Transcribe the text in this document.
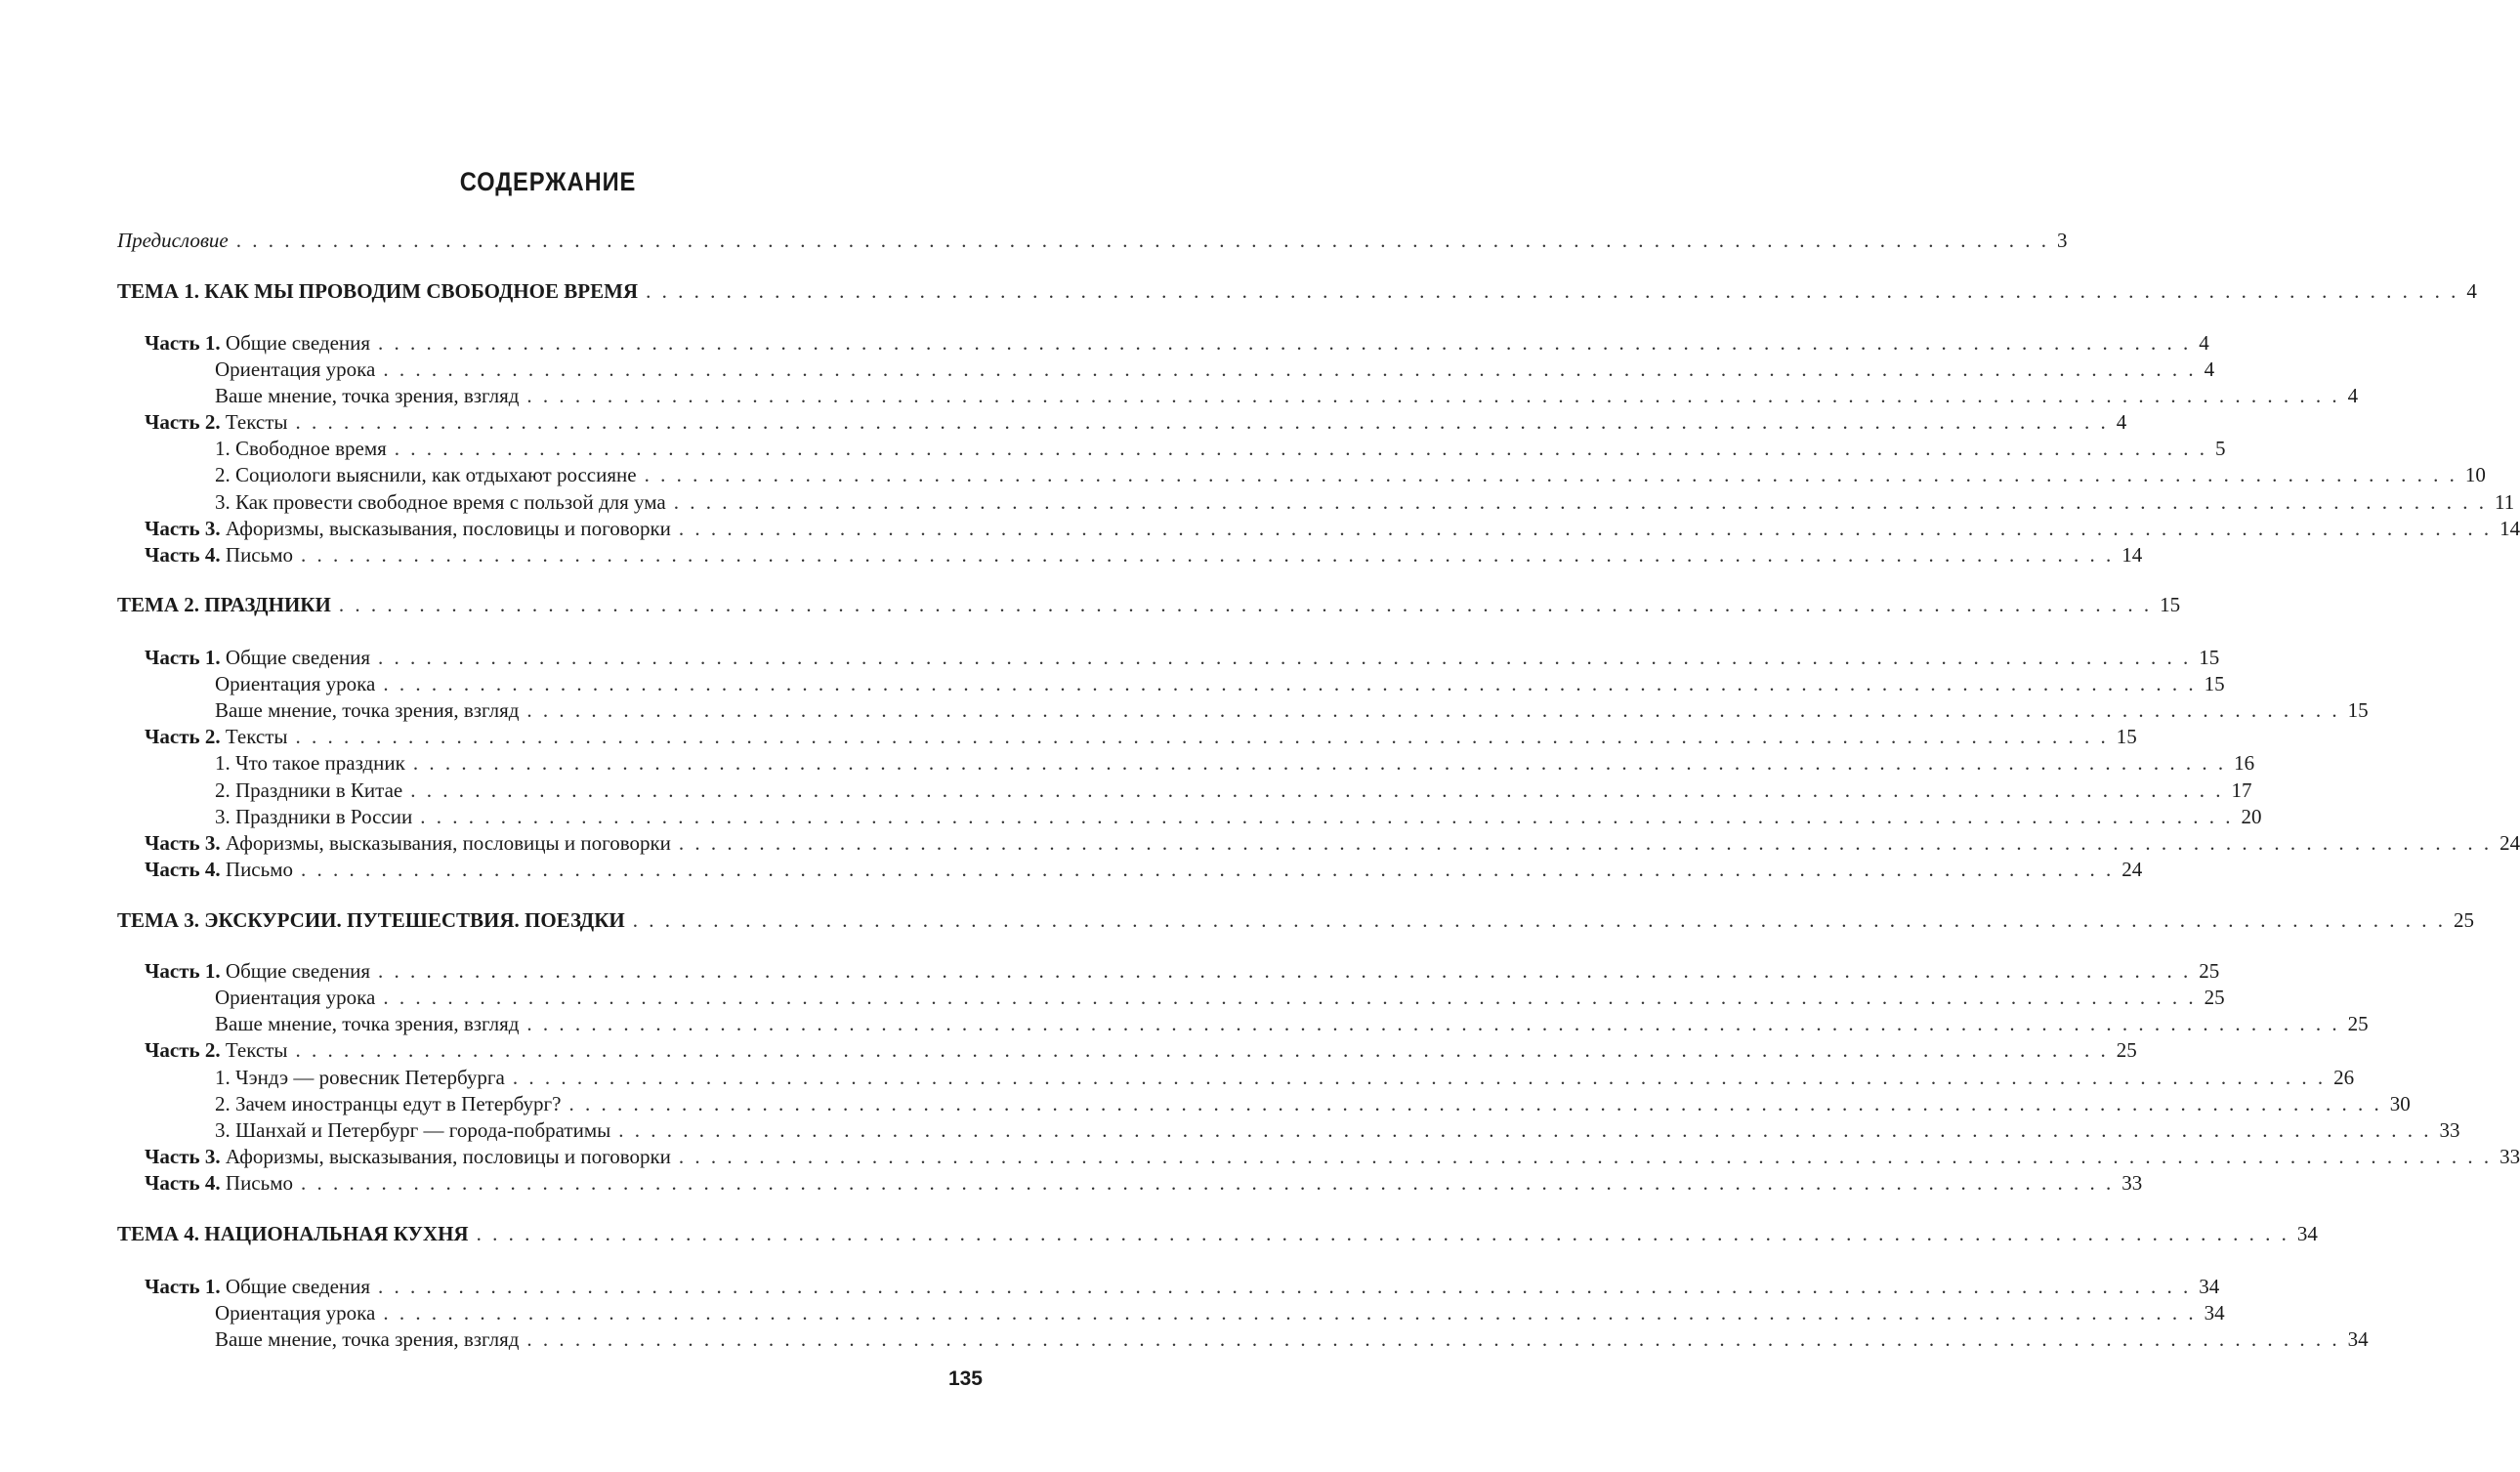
СОДЕРЖАНИЕ
Предисловие . . .	3
ТЕМА 1. КАК МЫ ПРОВОДИМ СВОБОДНОЕ ВРЕМЯ . . .	4
Часть 1. Общие сведения . . .	4
Ориентация урока . . .	4
Ваше мнение, точка зрения, взгляд . . .	4
Часть 2. Тексты . . .	4
1. Свободное время . . .	5
2. Социологи выяснили, как отдыхают россияне . . .	10
3. Как провести свободное время с пользой для ума . . .	11
Часть 3. Афоризмы, высказывания, пословицы и поговорки . . .	14
Часть 4. Письмо . . .	14
ТЕМА 2. ПРАЗДНИКИ . . .	15
Часть 1. Общие сведения . . .	15
Ориентация урока . . .	15
Ваше мнение, точка зрения, взгляд . . .	15
Часть 2. Тексты . . .	15
1. Что такое праздник . . .	16
2. Праздники в Китае . . .	17
3. Праздники в России . . .	20
Часть 3. Афоризмы, высказывания, пословицы и поговорки . . .	24
Часть 4. Письмо . . .	24
ТЕМА 3. ЭКСКУРСИИ. ПУТЕШЕСТВИЯ. ПОЕЗДКИ . . .	25
Часть 1. Общие сведения . . .	25
Ориентация урока . . .	25
Ваше мнение, точка зрения, взгляд . . .	25
Часть 2. Тексты . . .	25
1. Чэндэ — ровесник Петербурга . . .	26
2. Зачем иностранцы едут в Петербург? . . .	30
3. Шанхай и Петербург — города-побратимы . . .	33
Часть 3. Афоризмы, высказывания, пословицы и поговорки . . .	33
Часть 4. Письмо . . .	33
ТЕМА 4. НАЦИОНАЛЬНАЯ КУХНЯ . . .	34
Часть 1. Общие сведения . . .	34
Ориентация урока . . .	34
Ваше мнение, точка зрения, взгляд . . .	34
135
